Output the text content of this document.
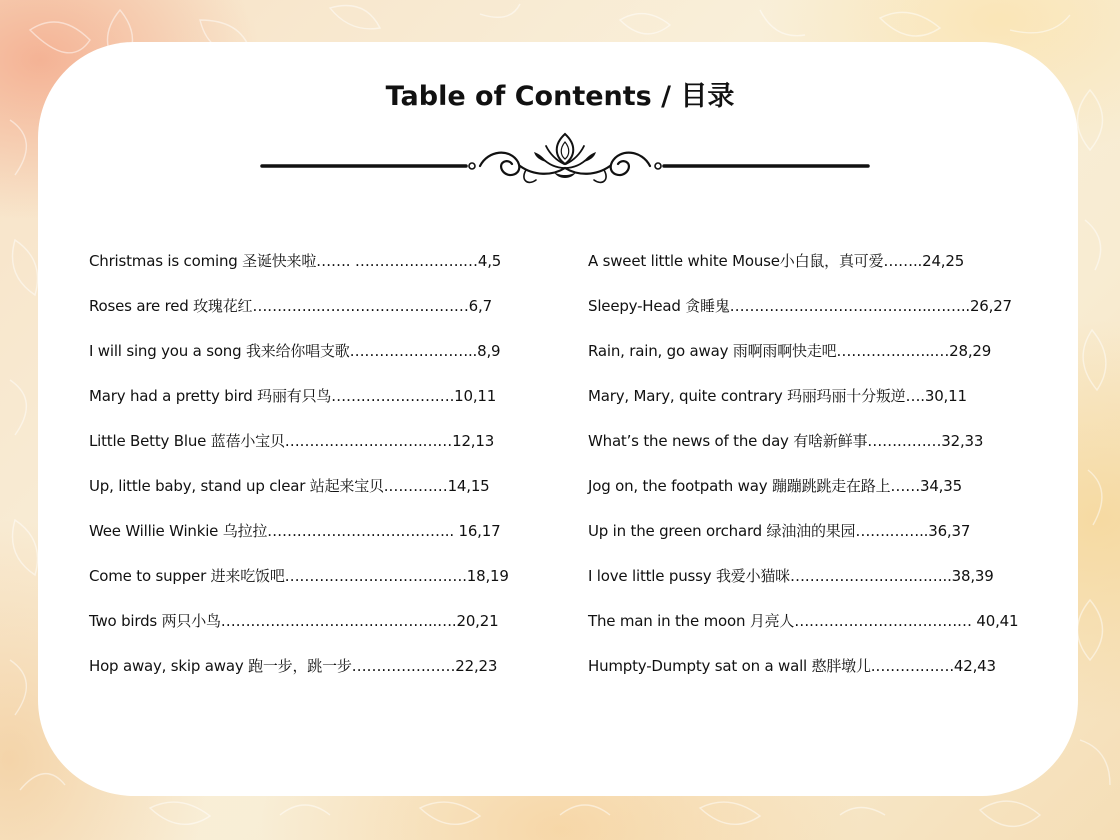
Table of Contents / 目录
Christmas is coming 圣诞快来啦……. ………………….…4,5
Roses are red 玫瑰花红…………..…………………………6,7
I will sing you a song 我来给你唱支歌……………………..8,9
Mary had a pretty bird 玛丽有只鸟…………………….10,11
Little Betty Blue 蓝蓓小宝贝……………………….……12,13
Up, little baby, stand up clear 站起来宝贝.…………14,15
Wee Willie Winkie 乌拉拉……………………………….. 16,17
Come to supper 进来吃饭吧……………………………….18,19
Two birds 两只小鸟……………………………………..….20,21
Hop away, skip away 跑一步，跳一步…………………22,23
A sweet little white Mouse小白鼠，真可爱……..24,25
Sleepy-Head 贪睡鬼…………………………………..……..26,27
Rain, rain, go away 雨啊雨啊快走吧………………..…28,29
Mary, Mary, quite contrary 玛丽玛丽十分叛逆….30,11
What’s the news of the day 有啥新鲜事……………32,33
Jog on, the footpath way 蹦蹦跳跳走在路上……34,35
Up in the green orchard 绿油油的果园…….……..36,37
I love little pussy 我爱小猫咪…………………….……..38,39
The man in the moon 月亮人……………………………… 40,41
Humpty-Dumpty sat on a wall 憨胖墩儿.…………….42,43
